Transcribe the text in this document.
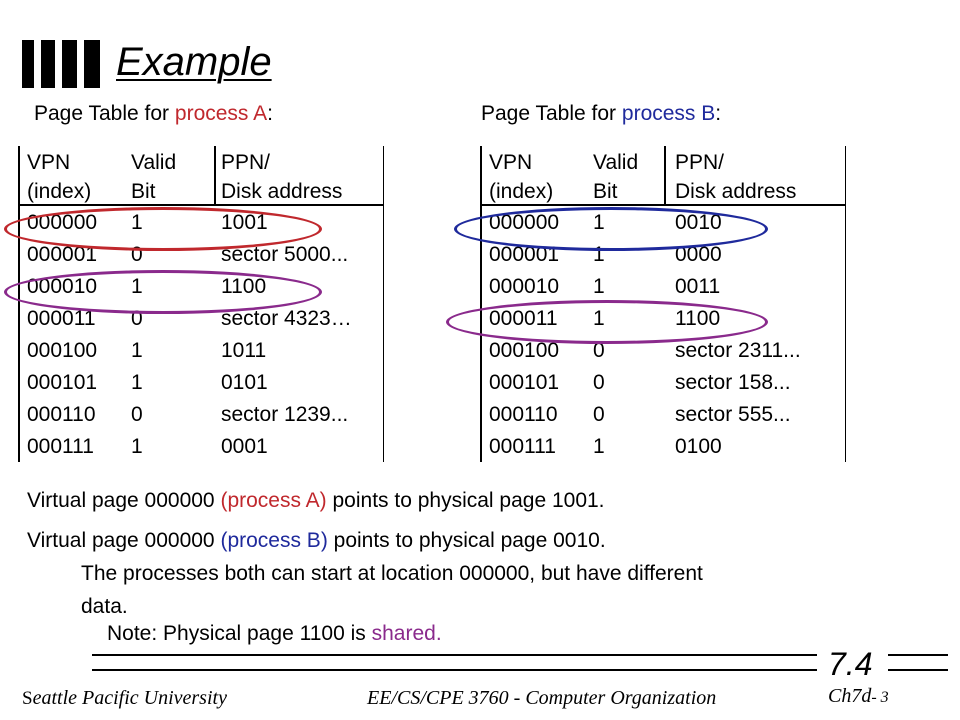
Example
Page Table for process A:	Page Table for process B:
VPN
(index)
Valid
Bit
PPN/
Disk address
000000 1	1001
000001 0	sector 5000...
000010 1	1100
000011 0	sector 4323…
000100 1	1011
000101 1	0101
000110 0	sector 1239...
000111 1	0001
VPN
(index)
Valid
Bit
PPN/
Disk address
000000 1	0010
000001 1	0000
000010 1	0011
000011 1	1100
000100 0	sector 2311...
000101 0	sector 158...
000110 0	sector 555...
000111 1	0100
Virtual page 000000 (process A) points to physical page 1001.
Virtual page 000000 (process B) points to physical page 0010.
The processes both can start at location 000000, but have different
data.
Note: Physical page 1100 is shared.
7.4
Seattle Pacific University	EE/CS/CPE 3760 - Computer Organization	Ch7d- 3
